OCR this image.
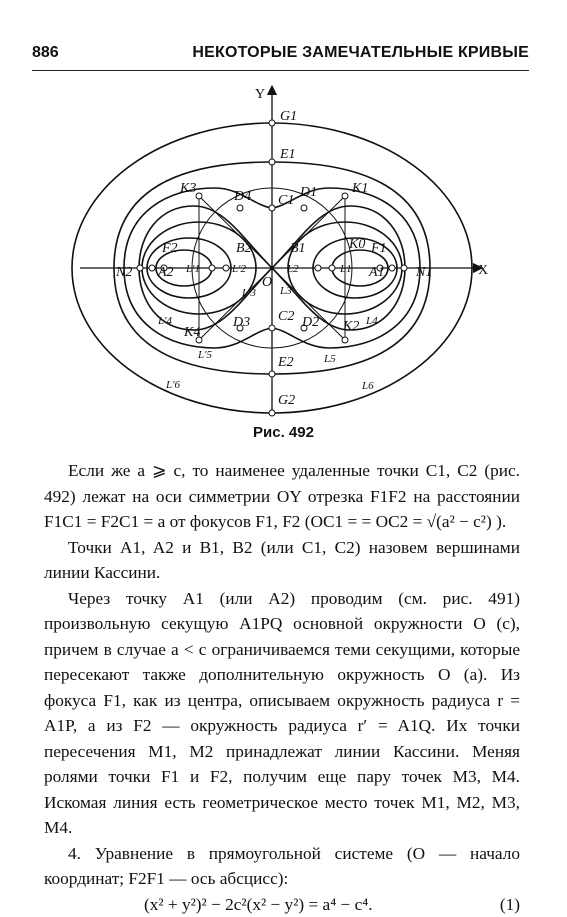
886	НЕКОТОРЫЕ ЗАМЕЧАТЕЛЬНЫЕ КРИВЫЕ
X
Y
O
G1
E1
K3
D4 C1
D1 K1
F2	B2	B1	K0 F1
N2 A2	A1 N1
K4
D3 C2 D2 K2
E2
G2
L'1	L1
L'2	L2
L3
L'3
L4
L'4
L5
L'5
L6
L'6
Рис. 492

Если же a ⩾ c, то наименее удаленные точки C1, C2 (рис. 492) лежат на оси симметрии OY отрезка F1F2 на расстоянии F1C1 = F2C1 = a от фокусов F1, F2 (OC1 = = OC2 = √(a² − c²) ).

Точки A1, A2 и B1, B2 (или C1, C2) назовем вершинами линии Кассини.

Через точку A1 (или A2) проводим (см. рис. 491) произвольную секущую A1PQ основной окружности O (c), причем в случае a < c ограничиваемся теми секущими, которые пересекают также дополнительную окружность O (a). Из фокуса F1, как из центра, описываем окружность радиуса r = A1P, а из F2 — окружность радиуса r′ = A1Q. Их точки пересечения M1, M2 принадлежат линии Кассини. Меняя ролями точки F1 и F2, получим еще пару точек M3, M4. Искомая линия есть геометрическое место точек M1, M2, M3, M4.

4. Уравнение в прямоугольной системе (O — начало координат; F2F1 — ось абсцисс):

(x² + y²)² − 2c²(x² − y²) = a⁴ − c⁴.	(1)
